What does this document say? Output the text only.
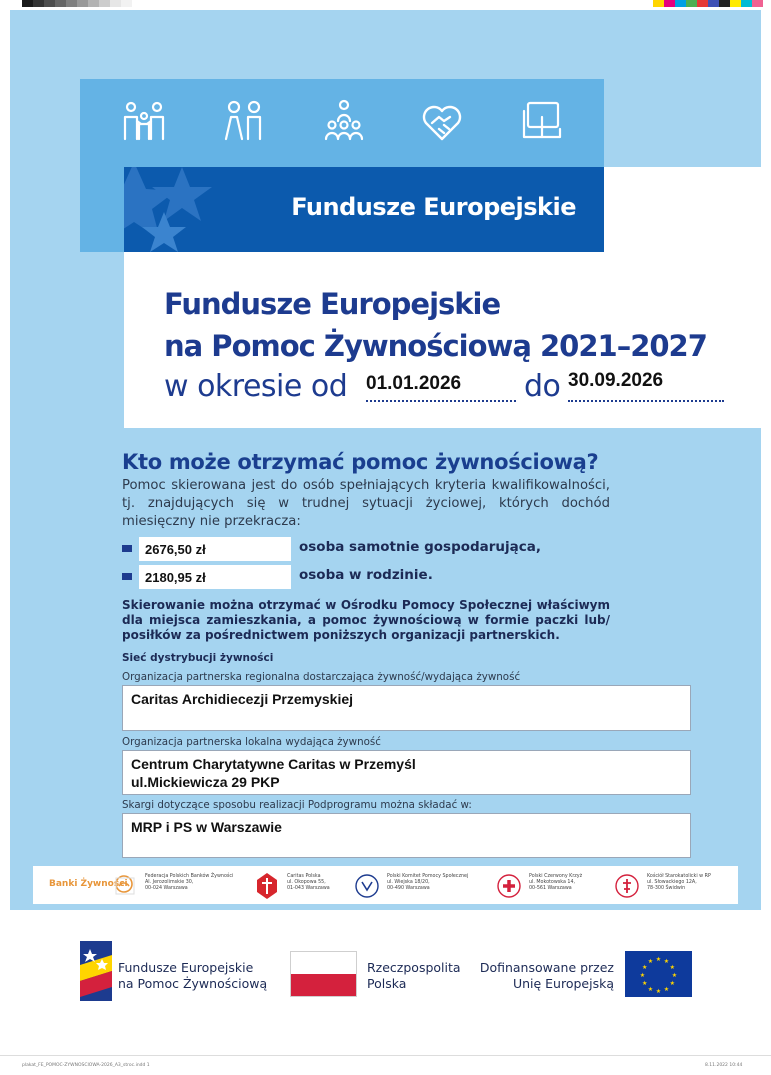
Fundusze Europejskie
Fundusze Europejskie
na Pomoc Żywnościową 2021–2027
w okresie od 01.01.2026 do 30.09.2026
Kto może otrzymać pomoc żywnościową?
Pomoc skierowana jest do osób spełniających kryteria kwalifikowalności, tj. znajdujących się w trudnej sytuacji życiowej, których dochód miesięczny nie przekracza:
2676,50 zł	osoba samotnie gospodarująca,
2180,95 zł	osoba w rodzinie.
Skierowanie można otrzymać w Ośrodku Pomocy Społecznej właściwym dla miejsca zamieszkania, a pomoc żywnościową w formie paczki lub/ posiłków za pośrednictwem poniższych organizacji partnerskich.
Sieć dystrybucji żywności
Organizacja partnerska regionalna dostarczająca żywność/wydająca żywność
Caritas Archidiecezji Przemyskiej
Organizacja partnerska lokalna wydająca żywność
Centrum Charytatywne Caritas w Przemyśl
ul.Mickiewicza 29 PKP
Skargi dotyczące sposobu realizacji Podprogramu można składać w:
MRP i PS w Warszawie
Banki Żywności
Federacja Polskich Banków Żywności
Al. Jerozolimskie 30,
00-024 Warszawa
Caritas Polska
ul. Okopowa 55,
01-043 Warszawa
Polski Komitet Pomocy Społecznej
ul. Wiejska 18/20,
00-490 Warszawa
Polski Czerwony Krzyż
ul. Mokotowska 14,
00-561 Warszawa
Kościół Starokatolicki w RP
ul. Słowackiego 12A,
78-300 Świdwin
Fundusze Europejskie
na Pomoc Żywnościową
Rzeczpospolita
Polska
Dofinansowane przez
Unię Europejską
★ ★
★
★
★
★
★
★
★
★
★
★
plakat_FE_POMOC-ZYWNOSCIOWA-2026_A3_stroc.indd 1	8.11.2022 10:44
